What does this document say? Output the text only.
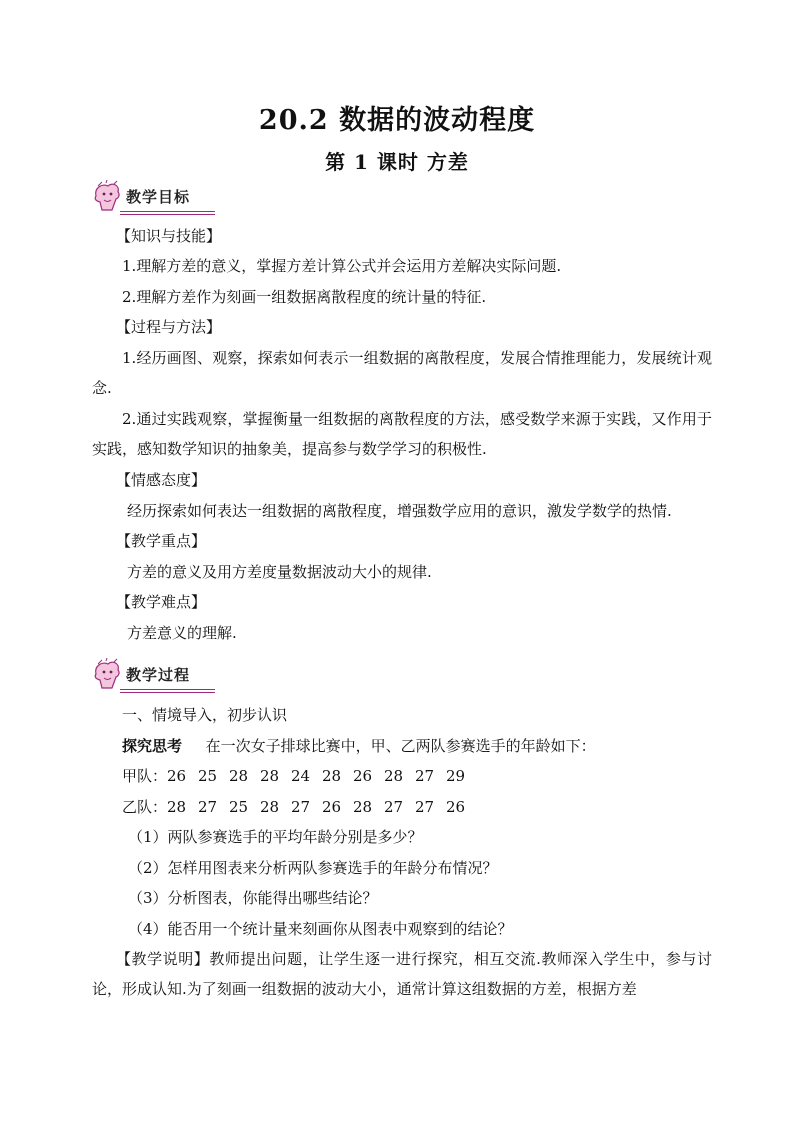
20.2 数据的波动程度
第 1 课时 方差
教学目标
【知识与技能】
1.理解方差的意义，掌握方差计算公式并会运用方差解决实际问题.
2.理解方差作为刻画一组数据离散程度的统计量的特征.
【过程与方法】
1.经历画图、观察，探索如何表示一组数据的离散程度，发展合情推理能力，发展统计观念.
2.通过实践观察，掌握衡量一组数据的离散程度的方法，感受数学来源于实践，又作用于实践，感知数学知识的抽象美，提高参与数学学习的积极性.
【情感态度】
经历探索如何表达一组数据的离散程度，增强数学应用的意识，激发学数学的热情.
【教学重点】
方差的意义及用方差度量数据波动大小的规律.
【教学难点】
方差意义的理解.
教学过程
一、情境导入，初步认识
探究思考 在一次女子排球比赛中，甲、乙两队参赛选手的年龄如下：
甲队：26 25 28 28 24 28 26 28 27 29
乙队：28 27 25 28 27 26 28 27 27 26
（1）两队参赛选手的平均年龄分别是多少？
（2）怎样用图表来分析两队参赛选手的年龄分布情况？
（3）分析图表，你能得出哪些结论？
（4）能否用一个统计量来刻画你从图表中观察到的结论？
【教学说明】教师提出问题，让学生逐一进行探究，相互交流.教师深入学生中，参与讨论，形成认知.为了刻画一组数据的波动大小，通常计算这组数据的方差，根据方差
